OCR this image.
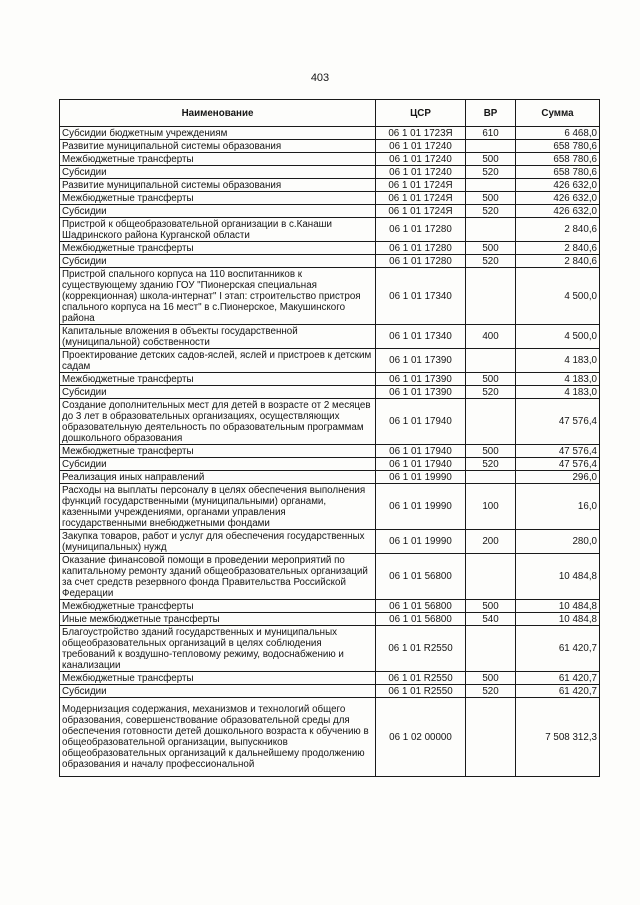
403
Наименование	ЦСР	ВР	Сумма
Субсидии бюджетным учреждениям	06 1 01 1723Я	610	6 468,0
Развитие муниципальной системы образования	06 1 01 17240		658 780,6
Межбюджетные трансферты	06 1 01 17240	500	658 780,6
Субсидии	06 1 01 17240	520	658 780,6
Развитие муниципальной системы образования	06 1 01 1724Я		426 632,0
Межбюджетные трансферты	06 1 01 1724Я	500	426 632,0
Субсидии	06 1 01 1724Я	520	426 632,0
Пристрой к общеобразовательной организации в с.Канаши Шадринского района Курганской области	06 1 01 17280		2 840,6
Межбюджетные трансферты	06 1 01 17280	500	2 840,6
Субсидии	06 1 01 17280	520	2 840,6
Пристрой спального корпуса на 110 воспитанников к существующему зданию ГОУ "Пионерская специальная (коррекционная) школа-интернат" I этап: строительство пристроя спального корпуса на 16 мест" в с.Пионерское, Макушинского района	06 1 01 17340		4 500,0
Капитальные вложения в объекты государственной (муниципальной) собственности	06 1 01 17340	400	4 500,0
Проектирование детских садов-яслей, яслей и пристроев к детским садам	06 1 01 17390		4 183,0
Межбюджетные трансферты	06 1 01 17390	500	4 183,0
Субсидии	06 1 01 17390	520	4 183,0
Создание дополнительных мест для детей в возрасте от 2 месяцев до 3 лет в образовательных организациях, осуществляющих образовательную деятельность по образовательным программам дошкольного образования	06 1 01 17940		47 576,4
Межбюджетные трансферты	06 1 01 17940	500	47 576,4
Субсидии	06 1 01 17940	520	47 576,4
Реализация иных направлений	06 1 01 19990		296,0
Расходы на выплаты персоналу в целях обеспечения выполнения функций государственными (муниципальными) органами, казенными учреждениями, органами управления государственными внебюджетными фондами	06 1 01 19990	100	16,0
Закупка товаров, работ и услуг для обеспечения государственных (муниципальных) нужд	06 1 01 19990	200	280,0
Оказание финансовой помощи в проведении мероприятий по капитальному ремонту зданий общеобразовательных организаций за счет средств резервного фонда Правительства Российской Федерации	06 1 01 56800		10 484,8
Межбюджетные трансферты	06 1 01 56800	500	10 484,8
Иные межбюджетные трансферты	06 1 01 56800	540	10 484,8
Благоустройство зданий государственных и муниципальных общеобразовательных организаций в целях соблюдения требований к воздушно-тепловому режиму, водоснабжению и канализации	06 1 01 R2550		61 420,7
Межбюджетные трансферты	06 1 01 R2550	500	61 420,7
Субсидии	06 1 01 R2550	520	61 420,7
Модернизация содержания, механизмов и технологий общего образования, совершенствование образовательной среды для обеспечения готовности детей дошкольного возраста к обучению в общеобразовательной организации, выпускников общеобразовательных организаций к дальнейшему продолжению образования и началу профессиональной	06 1 02 00000		7 508 312,3
